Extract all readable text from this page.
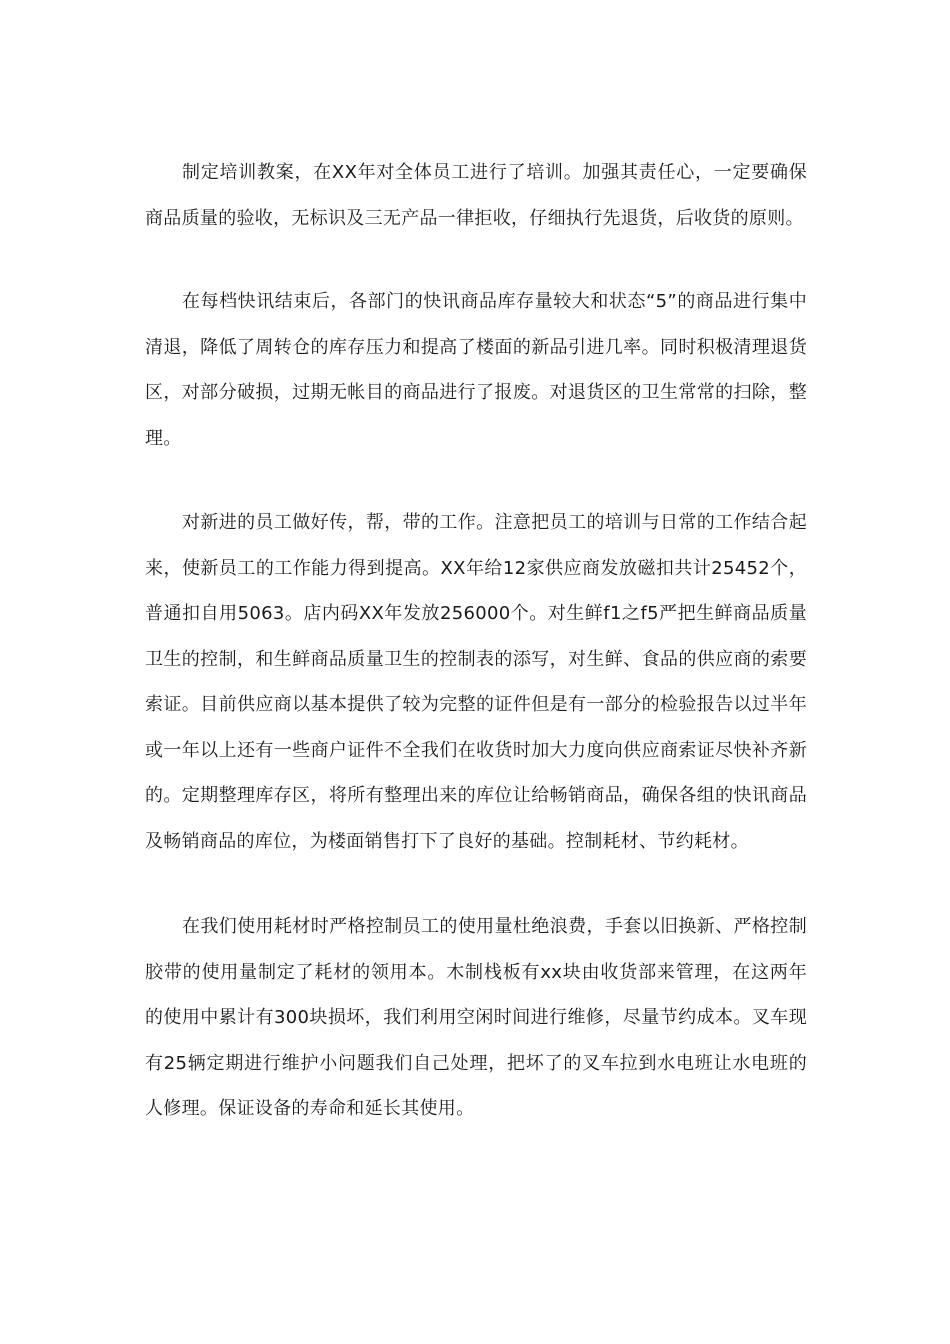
制定培训教案，在XX年对全体员工进行了培训。加强其责任心，一定要确保商品质量的验收，无标识及三无产品一律拒收，仔细执行先退货，后收货的原则。

在每档快讯结束后，各部门的快讯商品库存量较大和状态“5”的商品进行集中清退，降低了周转仓的库存压力和提高了楼面的新品引进几率。同时积极清理退货区，对部分破损，过期无帐目的商品进行了报废。对退货区的卫生常常的扫除，整理。

对新进的员工做好传，帮，带的工作。注意把员工的培训与日常的工作结合起来，使新员工的工作能力得到提高。XX年给12家供应商发放磁扣共计25452个，普通扣自用5063。店内码XX年发放256000个。对生鲜f1之f5严把生鲜商品质量卫生的控制，和生鲜商品质量卫生的控制表的添写，对生鲜、食品的供应商的索要索证。目前供应商以基本提供了较为完整的证件但是有一部分的检验报告以过半年或一年以上还有一些商户证件不全我们在收货时加大力度向供应商索证尽快补齐新的。定期整理库存区，将所有整理出来的库位让给畅销商品，确保各组的快讯商品及畅销商品的库位，为楼面销售打下了良好的基础。控制耗材、节约耗材。

在我们使用耗材时严格控制员工的使用量杜绝浪费，手套以旧换新、严格控制胶带的使用量制定了耗材的领用本。木制栈板有xx块由收货部来管理，在这两年的使用中累计有300块损坏，我们利用空闲时间进行维修，尽量节约成本。叉车现有25辆定期进行维护小问题我们自己处理，把坏了的叉车拉到水电班让水电班的人修理。保证设备的寿命和延长其使用。
